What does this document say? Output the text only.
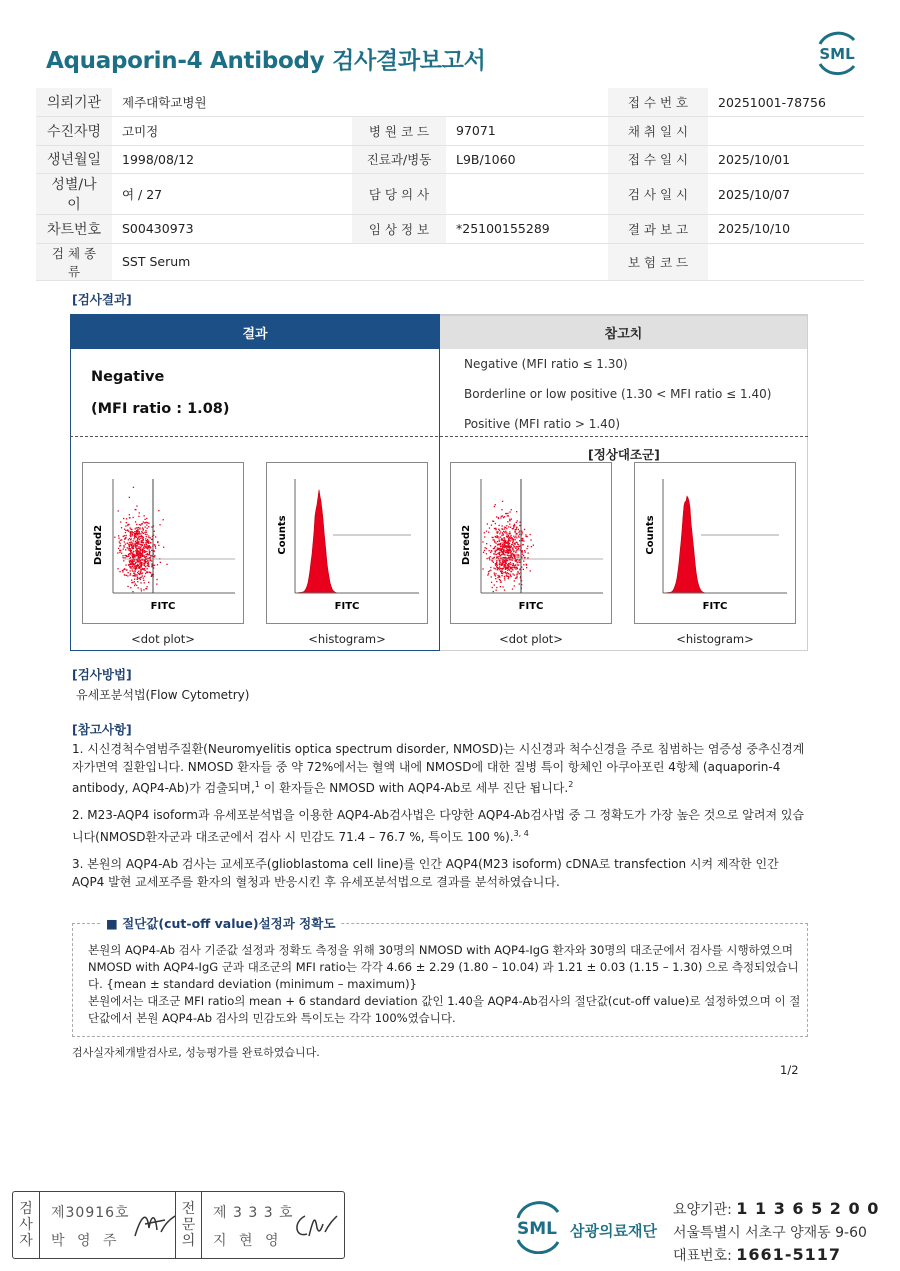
Aquaporin-4 Antibody 검사결과보고서	SML
의뢰기관	제주대학교병원			접 수 번 호	20251001-78756
수진자명	고미정	병 원 코 드	97071	채 취 일 시	
생년월일	1998/08/12	진료과/병동	L9B/1060	접 수 일 시	2025/10/01
성별/나이	여 / 27	담 당 의 사		검 사 일 시	2025/10/07
차트번호	S00430973	임 상 정 보	*25100155289	결 과 보 고	2025/10/10
검 체 종 류	SST Serum			보 험 코 드	
[검사결과]
결과
Negative
(MFI ratio : 1.08)
참고치
Negative (MFI ratio ≤ 1.30)
Borderline or low positive (1.30 < MFI ratio ≤ 1.40)
Positive (MFI ratio > 1.40)
[정상대조군]
Dsred2
FITC
<dot plot>
Counts
FITC
<histogram>
Dsred2
FITC
<dot plot>
Counts
FITC
<histogram>
[검사방법]
유세포분석법(Flow Cytometry)
[참고사항]
1. 시신경척수염범주질환(Neuromyelitis optica spectrum disorder, NMOSD)는 시신경과 척수신경을 주로 침범하는 염증성 중추신경계 자가면역 질환입니다. NMOSD 환자들 중 약 72%에서는 혈액 내에 NMOSD에 대한 질병 특이 항체인 아쿠아포린 4항체 (aquaporin-4 antibody, AQP4-Ab)가 검출되며,$^1$ 이 환자들은 NMOSD with AQP4-Ab로 세부 진단 됩니다.$^2$
2. M23-AQP4 isoform과 유세포분석법을 이용한 AQP4-Ab검사법은 다양한 AQP4-Ab검사법 중 그 정확도가 가장 높은 것으로 알려져 있습니다(NMOSD환자군과 대조군에서 검사 시 민감도 71.4 – 76.7 %, 특이도 100 %).$^{3, 4}$
3. 본원의 AQP4-Ab 검사는 교세포주(glioblastoma cell line)를 인간 AQP4(M23 isoform) cDNA로 transfection 시켜 제작한 인간 AQP4 발현 교세포주를 환자의 혈청과 반응시킨 후 유세포분석법으로 결과를 분석하였습니다.
■ 절단값(cut-off value)설정과 정확도
본원의 AQP4-Ab 검사 기준값 설정과 정확도 측정을 위해 30명의 NMOSD with AQP4-IgG 환자와 30명의 대조군에서 검사를 시행하였으며 NMOSD with AQP4-IgG 군과 대조군의 MFI ratio는 각각 4.66 ± 2.29 (1.80 – 10.04) 과 1.21 ± 0.03 (1.15 – 1.30) 으로 측정되었습니다. {mean ± standard deviation (minimum – maximum)}
본원에서는 대조군 MFI ratio의 mean + 6 standard deviation 값인 1.40을 AQP4-Ab검사의 절단값(cut-off value)로 설정하였으며 이 절단값에서 본원 AQP4-Ab 검사의 민감도와 특이도는 각각 100%였습니다.
검사실자체개발검사로, 성능평가를 완료하였습니다.
1/2
검
사
자
제30916호
박 영 주
전
문
의
제 3 3 3 호
지 현 영
SML 삼광의료재단
요양기관: 1 1 3 6 5 2 0 0
서울특별시 서초구 양재동 9-60
대표번호: 1661-5117
